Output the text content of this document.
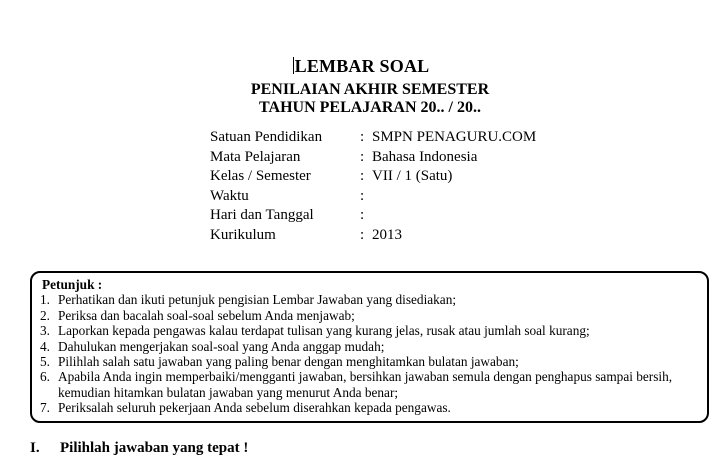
LEMBAR SOAL
PENILAIAN AKHIR SEMESTER
TAHUN PELAJARAN 20.. / 20..
Satuan Pendidikan	: SMPN PENAGURU.COM
Mata Pelajaran	: Bahasa Indonesia
Kelas / Semester	: VII / 1 (Satu)
Waktu	:
Hari dan Tanggal	:
Kurikulum	: 2013
Petunjuk :
1. Perhatikan dan ikuti petunjuk pengisian Lembar Jawaban yang disediakan;
2. Periksa dan bacalah soal-soal sebelum Anda menjawab;
3. Laporkan kepada pengawas kalau terdapat tulisan yang kurang jelas, rusak atau jumlah soal kurang;
4. Dahulukan mengerjakan soal-soal yang Anda anggap mudah;
5. Pilihlah salah satu jawaban yang paling benar dengan menghitamkan bulatan jawaban;
6. Apabila Anda ingin memperbaiki/mengganti jawaban, bersihkan jawaban semula dengan penghapus sampai bersih, kemudian hitamkan bulatan jawaban yang menurut Anda benar;
7. Periksalah seluruh pekerjaan Anda sebelum diserahkan kepada pengawas.
I. Pilihlah jawaban yang tepat !
